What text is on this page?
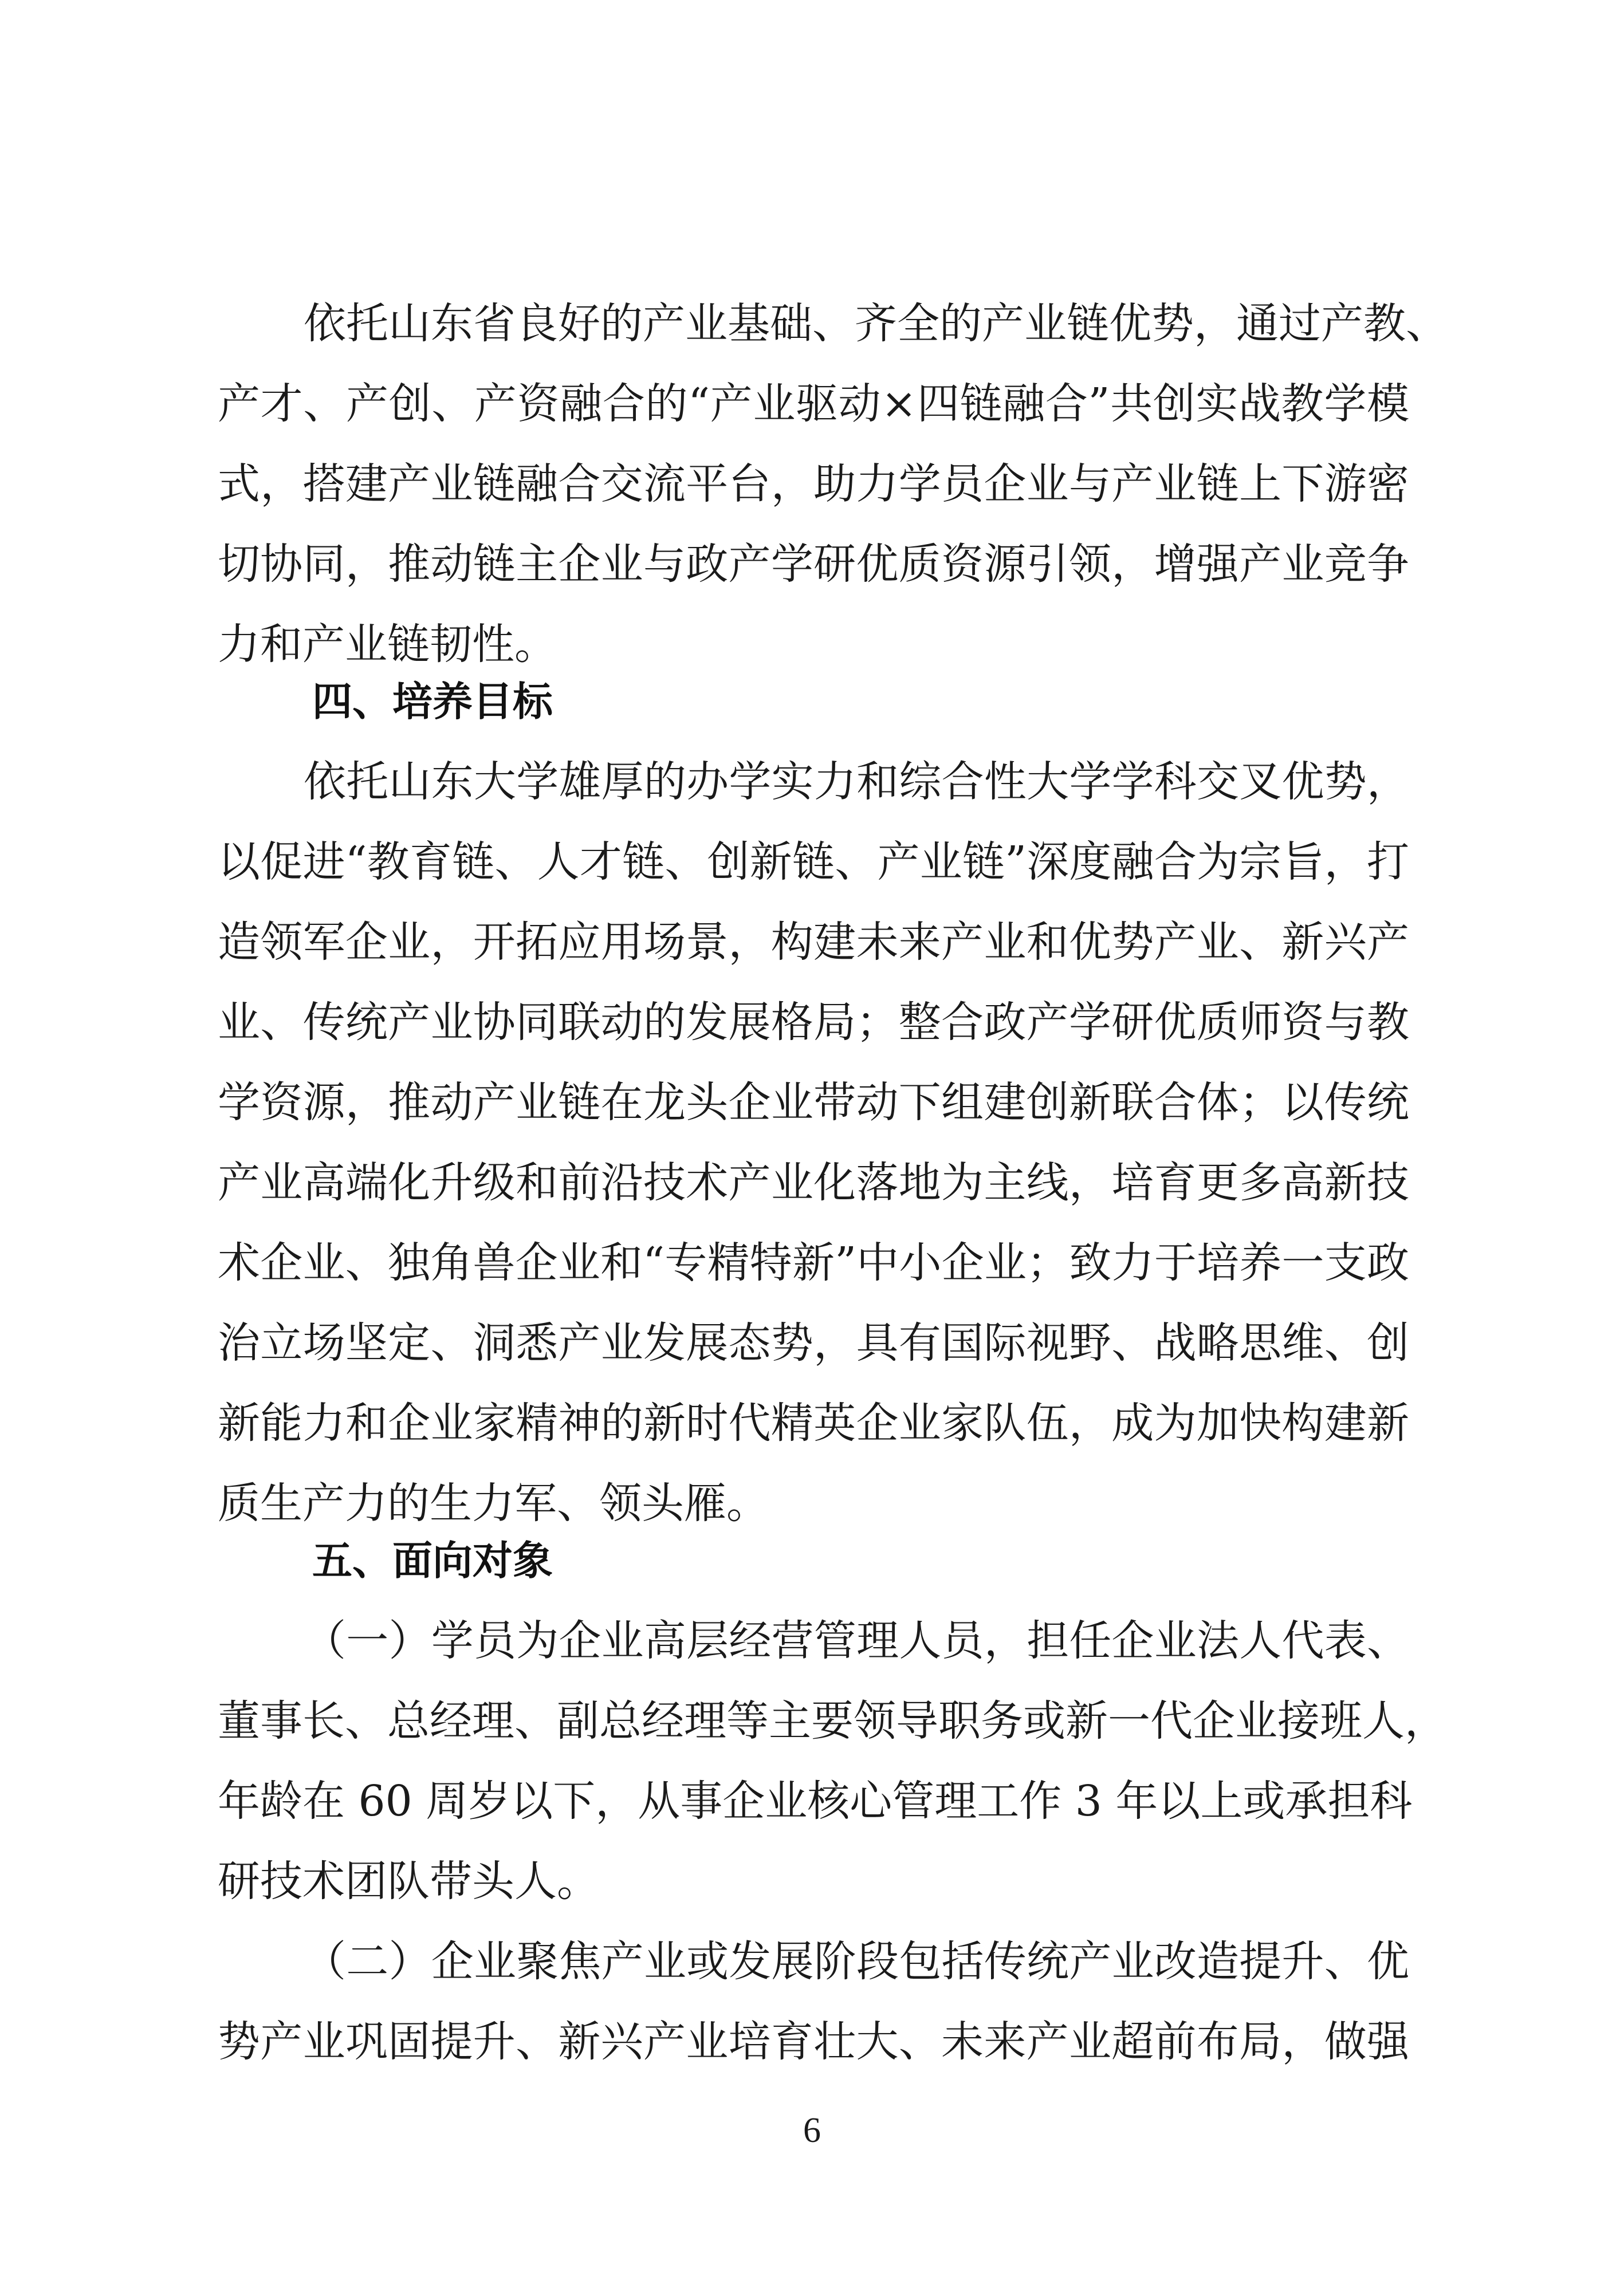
依托山东省良好的产业基础、齐全的产业链优势，通过产教、
产才、产创、产资融合的“产业驱动×四链融合”共创实战教学模
式，搭建产业链融合交流平台，助力学员企业与产业链上下游密
切协同，推动链主企业与政产学研优质资源引领，增强产业竞争
力和产业链韧性。
四、培养目标
依托山东大学雄厚的办学实力和综合性大学学科交叉优势，
以促进“教育链、人才链、创新链、产业链”深度融合为宗旨，打
造领军企业，开拓应用场景，构建未来产业和优势产业、新兴产
业、传统产业协同联动的发展格局；整合政产学研优质师资与教
学资源，推动产业链在龙头企业带动下组建创新联合体；以传统
产业高端化升级和前沿技术产业化落地为主线，培育更多高新技
术企业、独角兽企业和“专精特新”中小企业；致力于培养一支政
治立场坚定、洞悉产业发展态势，具有国际视野、战略思维、创
新能力和企业家精神的新时代精英企业家队伍，成为加快构建新
质生产力的生力军、领头雁。
五、面向对象
（一）学员为企业高层经营管理人员，担任企业法人代表、
董事长、总经理、副总经理等主要领导职务或新一代企业接班人，
年龄在 60 周岁以下，从事企业核心管理工作 3 年以上或承担科
研技术团队带头人。
（二）企业聚焦产业或发展阶段包括传统产业改造提升、优
势产业巩固提升、新兴产业培育壮大、未来产业超前布局，做强
6
